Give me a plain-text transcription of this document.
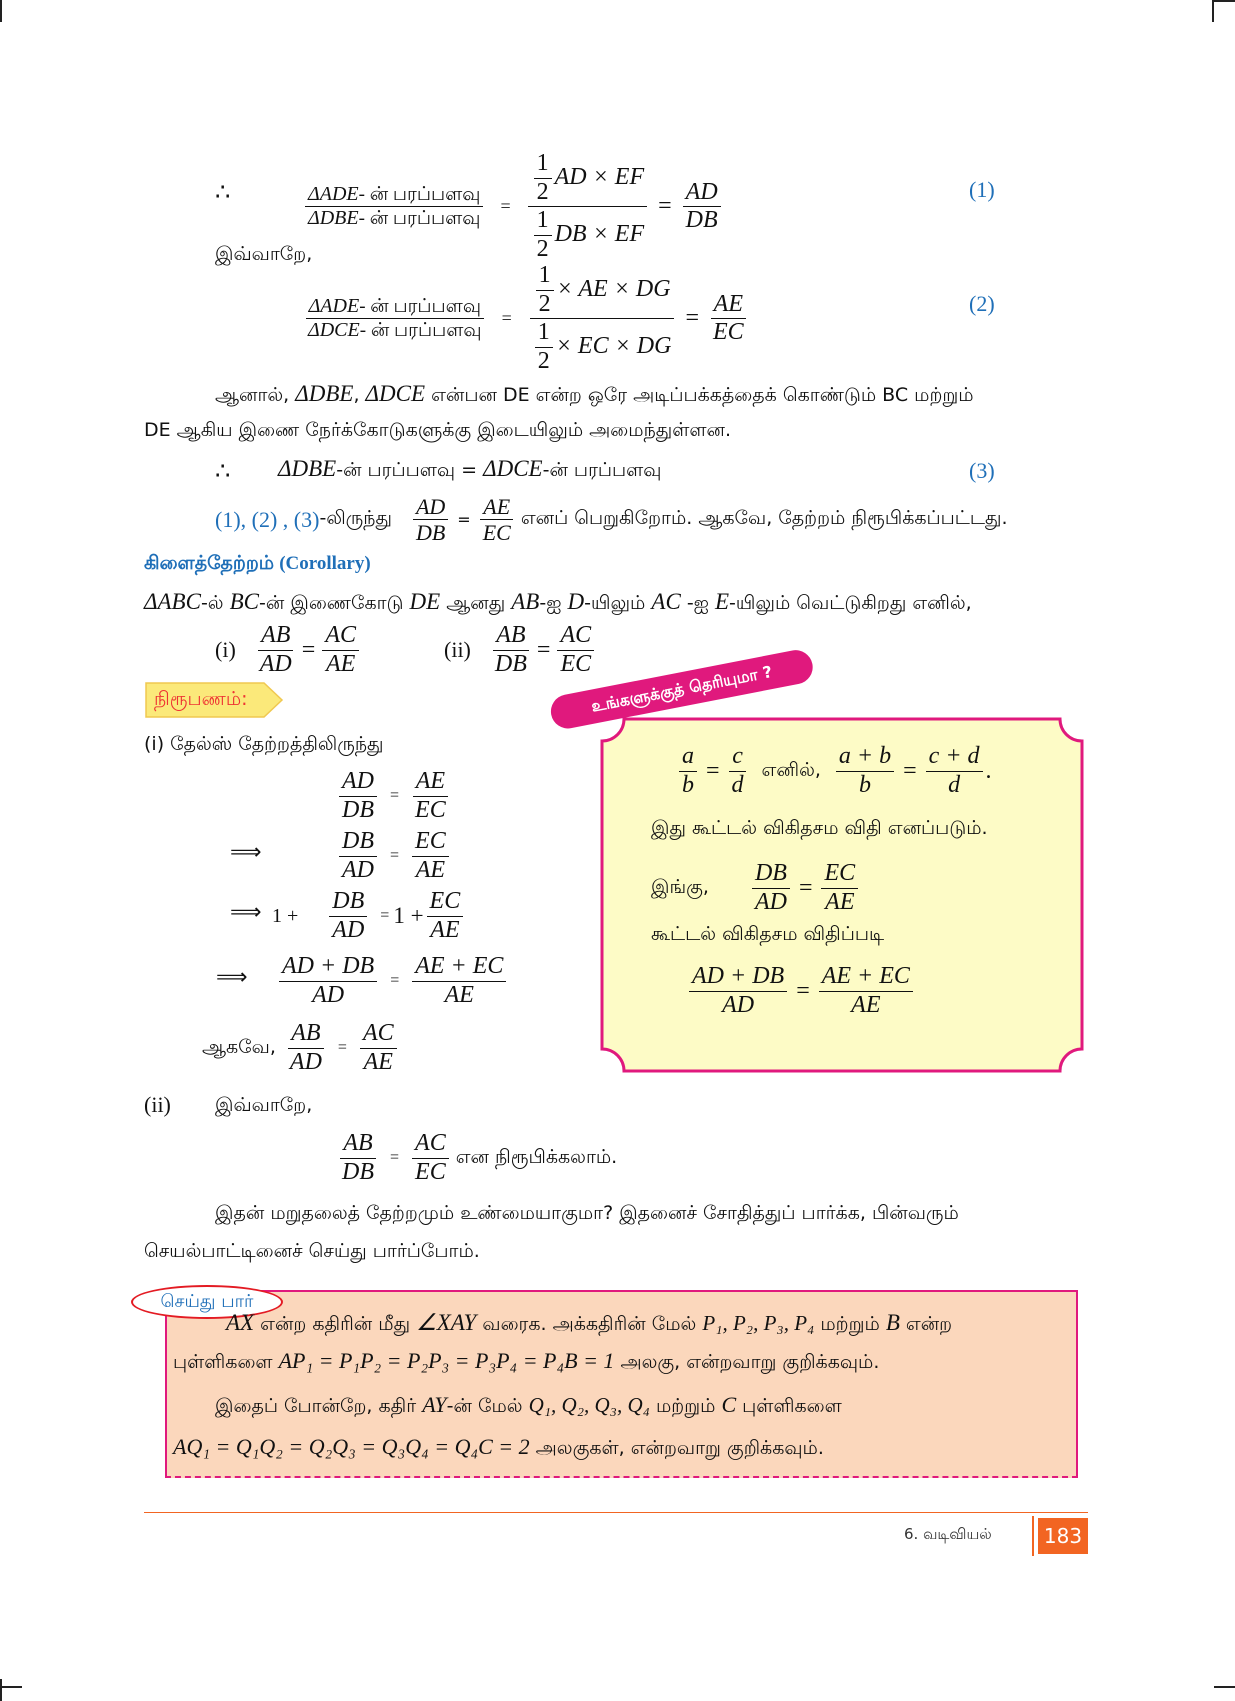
∴	$\frac{\text{ΔADE- ன் பரப்பளவு}}{\text{ΔDBE- ன் பரப்பளவு}} = \frac{\frac{1}{2} AD \times EF}{\frac{1}{2} DB \times EF} = \frac{AD}{DB}$	(1)
இவ்வாறே,
$\frac{\text{ΔADE- ன் பரப்பளவு}}{\text{ΔDCE- ன் பரப்பளவு}} = \frac{\frac{1}{2} \times AE \times DG}{\frac{1}{2} \times EC \times DG} = \frac{AE}{EC}$	(2)
ஆனால், ΔDBE, ΔDCE என்பன DE என்ற ஒரே அடிப்பக்கத்தைக் கொண்டும் BC மற்றும்
DE ஆகிய இணை நேர்க்கோடுகளுக்கு இடையிலும் அமைந்துள்ளன.
∴ ΔDBE-ன் பரப்பளவு = ΔDCE-ன் பரப்பளவு	(3)
(1), (2) , (3) -லிருந்து $\frac{AD}{DB} = \frac{AE}{EC}$ எனப் பெறுகிறோம். ஆகவே, தேற்றம் நிரூபிக்கப்பட்டது.
கிளைத்தேற்றம் (Corollary)
ΔABC-ல் BC-ன் இணைகோடு DE ஆனது AB-ஐ D-யிலும் AC -ஐ E-யிலும் வெட்டுகிறது எனில்,
$(i) \frac{AB}{AD} = \frac{AC}{AE}$	$(ii) \frac{AB}{DB} = \frac{AC}{EC}$
நிரூபணம்:
(i) தேல்ஸ் தேற்றத்திலிருந்து
$\frac{AD}{DB} = \frac{AE}{EC}$
⟹	$\frac{DB}{AD} = \frac{EC}{AE}$
⟹ $1 + \frac{DB}{AD} = 1 + \frac{EC}{AE}$
⟹ $\frac{AD + DB}{AD} = \frac{AE + EC}{AE}$
ஆகவே, $\frac{AB}{AD} = \frac{AC}{AE}$
(ii) இவ்வாறே,
$\frac{AB}{DB} = \frac{AC}{EC}$ என நிரூபிக்கலாம்.
உங்களுக்குத் தெரியுமா ?
$\frac{a}{b} = \frac{c}{d}$ எனில், $\frac{a + b}{b} = \frac{c + d}{d}$ .
இது கூட்டல் விகிதசம விதி எனப்படும்.
இங்கு, $\frac{DB}{AD} = \frac{EC}{AE}$
கூட்டல் விகிதசம விதிப்படி
$\frac{AD + DB}{AD} = \frac{AE + EC}{AE}$
இதன் மறுதலைத் தேற்றமும் உண்மையாகுமா? இதனைச் சோதித்துப் பார்க்க, பின்வரும்
செயல்பாட்டினைச் செய்து பார்ப்போம்.
செய்து பார்
AX என்ற கதிரின் மீது ∠XAY வரைக. அக்கதிரின் மேல் P₁, P₂, P₃, P₄ மற்றும் B என்ற
புள்ளிகளை AP₁ = P₁P₂ = P₂P₃ = P₃P₄ = P₄B = 1 அலகு, என்றவாறு குறிக்கவும்.
இதைப் போன்றே, கதிர் AY-ன் மேல் Q₁, Q₂, Q₃, Q₄ மற்றும் C புள்ளிகளை
AQ₁ = Q₁Q₂ = Q₂Q₃ = Q₃Q₄ = Q₄C = 2 அலகுகள், என்றவாறு குறிக்கவும்.
6. வடிவியல்	183
